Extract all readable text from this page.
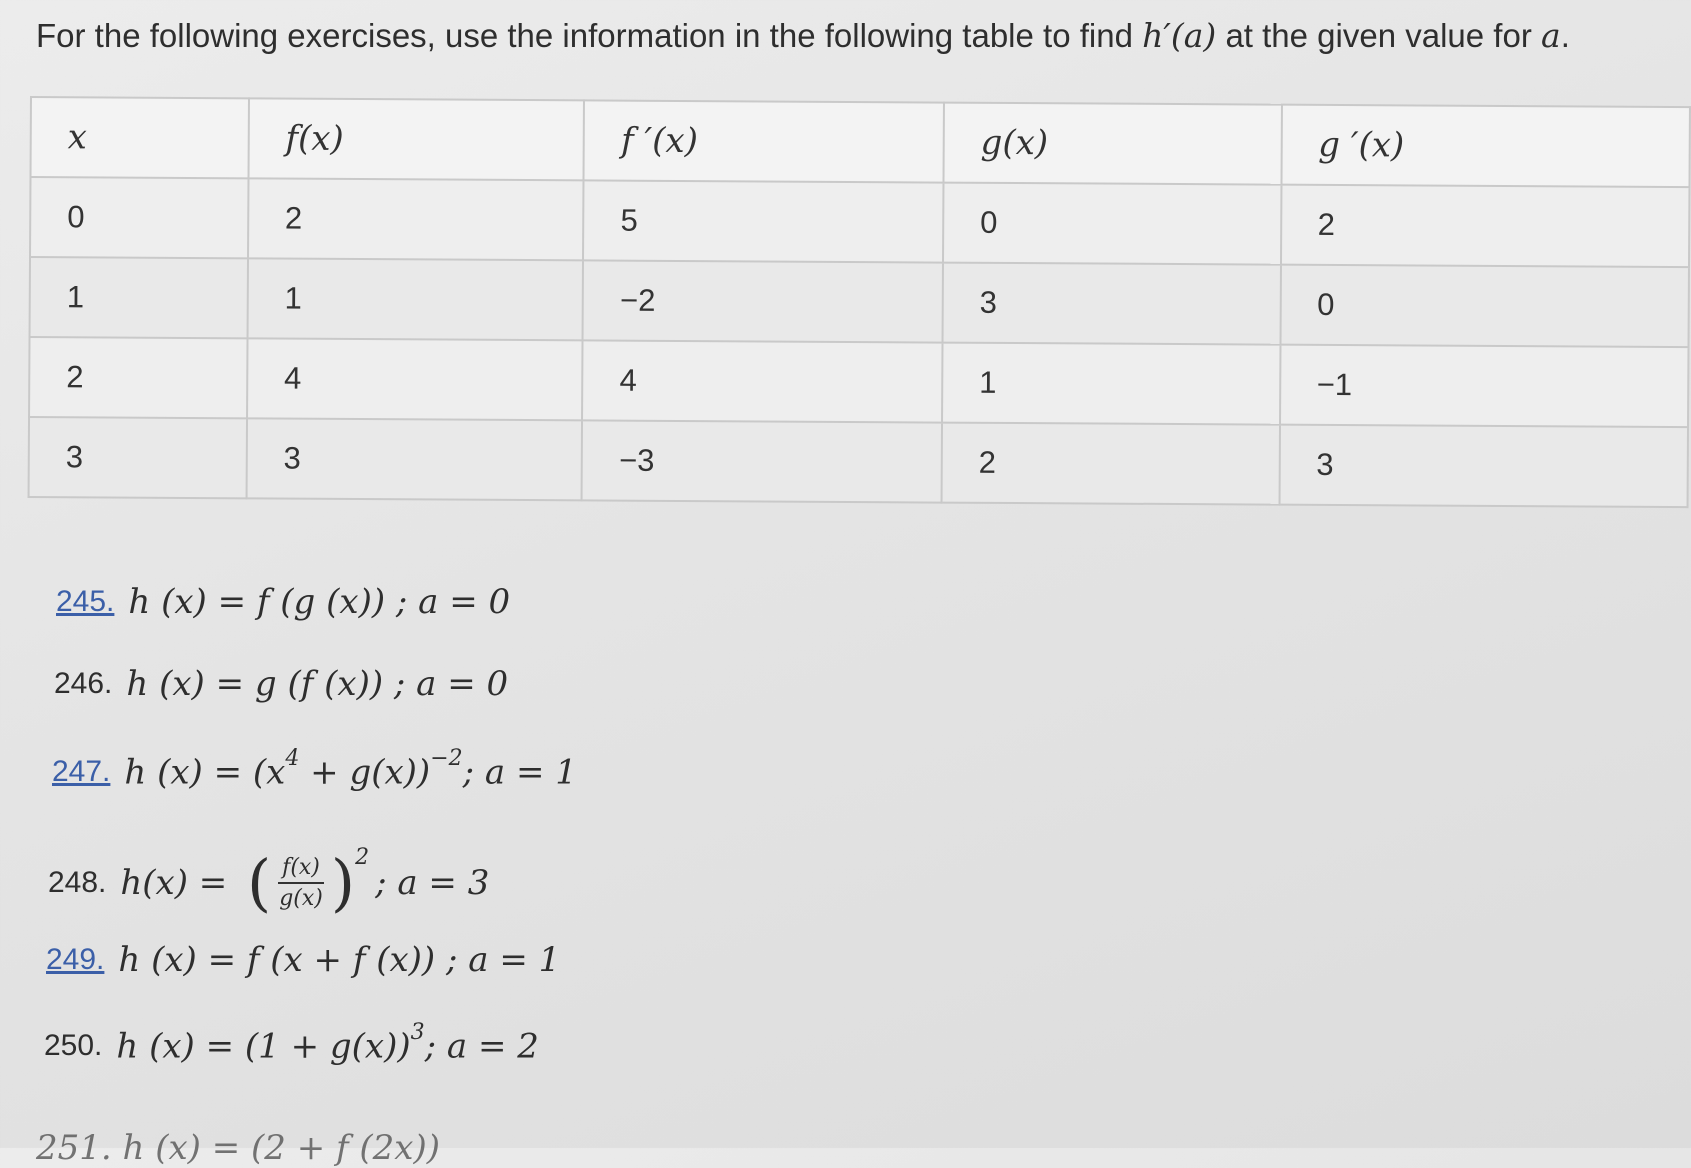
For the following exercises, use the information in the following table to find h′(a) at the given value for a.
x	f(x)	f ′(x)	g(x)	g ′(x)
0	2	5	0	2
1	1	−2	3	0
2	4	4	1	−1
3	3	−3	2	3
245. h (x) = f (g (x)) ; a = 0
246. h (x) = g (f (x)) ; a = 0
247. h $(x) = (x^4 + g(x))^{-2}$; a = 1
248. h(x) = ( $\frac{f(x)}{g(x)} )^2$
; a = 3
249. h (x) = f (x + f (x)) ; a = 1
250. h $(x) = (1 + g(x))^3$; a = 2
251. h (x) = (2 + f (2x))
